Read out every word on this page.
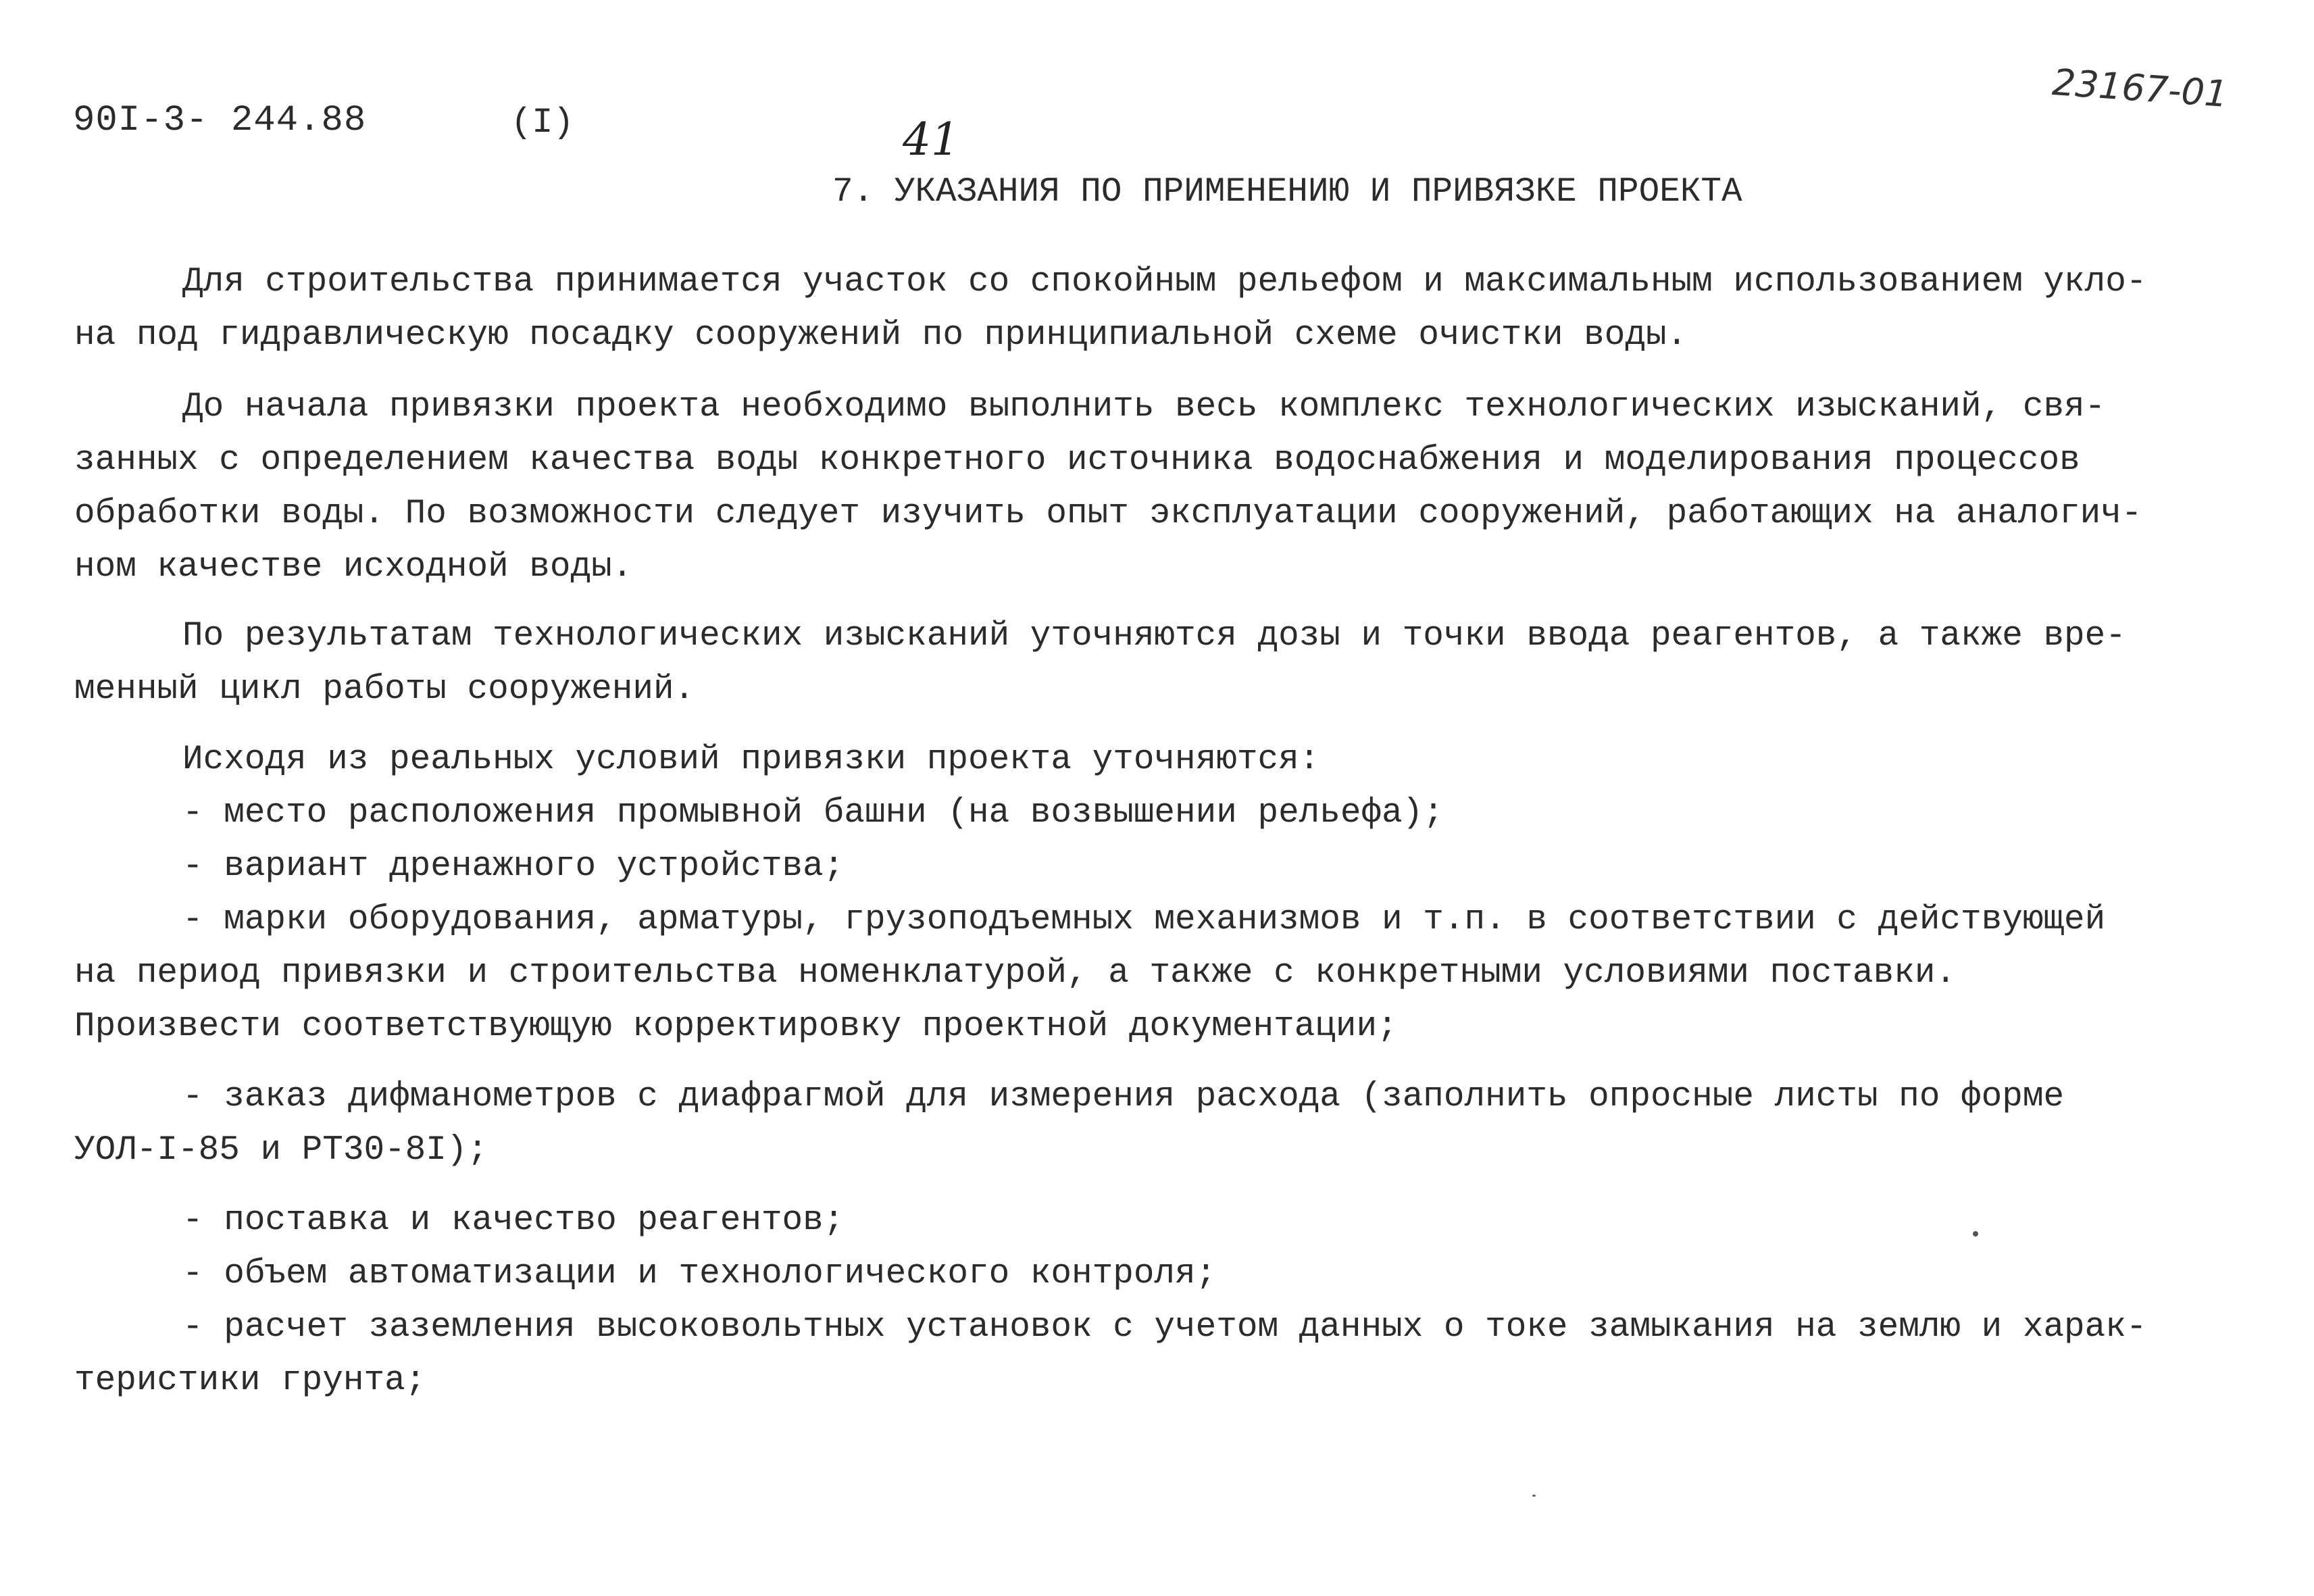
90I-3- 244.88	(I)	41
23167-01
7. УКАЗАНИЯ ПО ПРИМЕНЕНИЮ И ПРИВЯЗКЕ ПРОЕКТА
Для строительства принимается участок со спокойным рельефом и максимальным использованием укло-
на под гидравлическую посадку сооружений по принципиальной схеме очистки воды.
До начала привязки проекта необходимо выполнить весь комплекс технологических изысканий, свя-
занных с определением качества воды конкретного источника водоснабжения и моделирования процессов
обработки воды. По возможности следует изучить опыт эксплуатации сооружений, работающих на аналогич-
ном качестве исходной воды.
По результатам технологических изысканий уточняются дозы и точки ввода реагентов, а также вре-
менный цикл работы сооружений.
Исходя из реальных условий привязки проекта уточняются:
- место расположения промывной башни (на возвышении рельефа);
- вариант дренажного устройства;
- марки оборудования, арматуры, грузоподъемных механизмов и т.п. в соответствии с действующей
на период привязки и строительства номенклатурой, а также с конкретными условиями поставки.
Произвести соответствующую корректировку проектной документации;
- заказ дифманометров с диафрагмой для измерения расхода (заполнить опросные листы по форме
УОЛ-I-85 и РТ30-8I);
- поставка и качество реагентов;
- объем автоматизации и технологического контроля;
- расчет заземления высоковольтных установок с учетом данных о токе замыкания на землю и харак-
теристики грунта;
